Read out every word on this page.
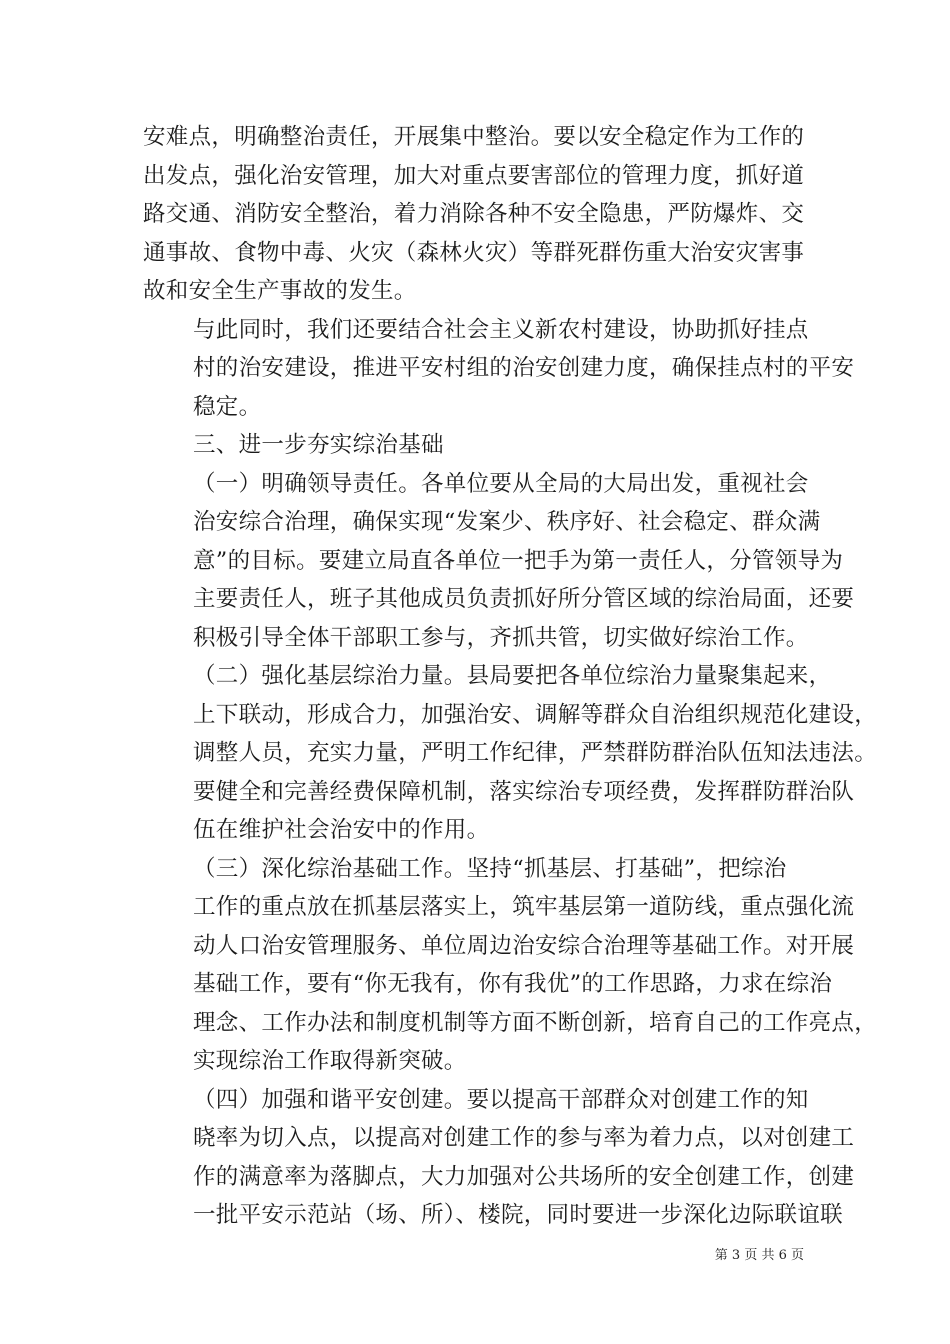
安难点，明确整治责任，开展集中整治。要以安全稳定作为工作的
出发点，强化治安管理，加大对重点要害部位的管理力度，抓好道
路交通、消防安全整治，着力消除各种不安全隐患，严防爆炸、交
通事故、食物中毒、火灾（森林火灾）等群死群伤重大治安灾害事
故和安全生产事故的发生。

与此同时，我们还要结合社会主义新农村建设，协助抓好挂点
村的治安建设，推进平安村组的治安创建力度，确保挂点村的平安
稳定。

三、进一步夯实综治基础

（一）明确领导责任。各单位要从全局的大局出发，重视社会
治安综合治理，确保实现“发案少、秩序好、社会稳定、群众满
意”的目标。要建立局直各单位一把手为第一责任人，分管领导为
主要责任人，班子其他成员负责抓好所分管区域的综治局面，还要
积极引导全体干部职工参与，齐抓共管，切实做好综治工作。

（二）强化基层综治力量。县局要把各单位综治力量聚集起来，
上下联动，形成合力，加强治安、调解等群众自治组织规范化建设，
调整人员，充实力量，严明工作纪律，严禁群防群治队伍知法违法。
要健全和完善经费保障机制，落实综治专项经费，发挥群防群治队
伍在维护社会治安中的作用。

（三）深化综治基础工作。坚持“抓基层、打基础”，把综治
工作的重点放在抓基层落实上，筑牢基层第一道防线，重点强化流
动人口治安管理服务、单位周边治安综合治理等基础工作。对开展
基础工作，要有“你无我有，你有我优”的工作思路，力求在综治
理念、工作办法和制度机制等方面不断创新，培育自己的工作亮点，
实现综治工作取得新突破。

（四）加强和谐平安创建。要以提高干部群众对创建工作的知
晓率为切入点，以提高对创建工作的参与率为着力点，以对创建工
作的满意率为落脚点，大力加强对公共场所的安全创建工作，创建
一批平安示范站（场、所）、楼院，同时要进一步深化边际联谊联

第 3 页 共 6 页
